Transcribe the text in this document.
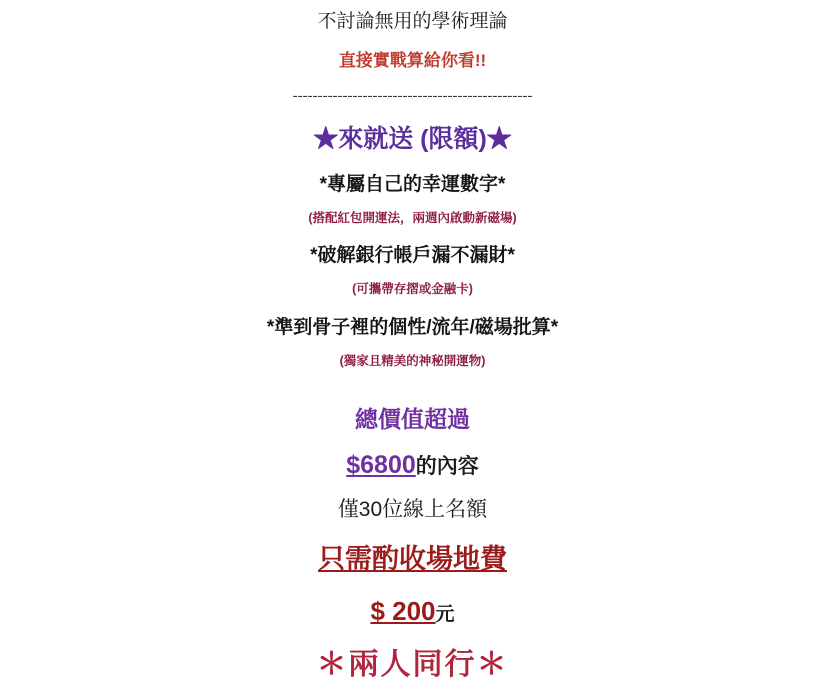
不討論無用的學術理論
直接實戰算給你看!!
------------------------------------------------
★來就送 (限額)★
*專屬自己的幸運數字*
(搭配紅包開運法，兩週內啟動新磁場)
*破解銀行帳戶漏不漏財*
(可攜帶存摺或金融卡)
*準到骨子裡的個性/流年/磁場批算*
(獨家且精美的神秘開運物)
總價值超過
$6800的內容
僅30位線上名額
只需酌收場地費
$ 200元
＊兩人同行＊
